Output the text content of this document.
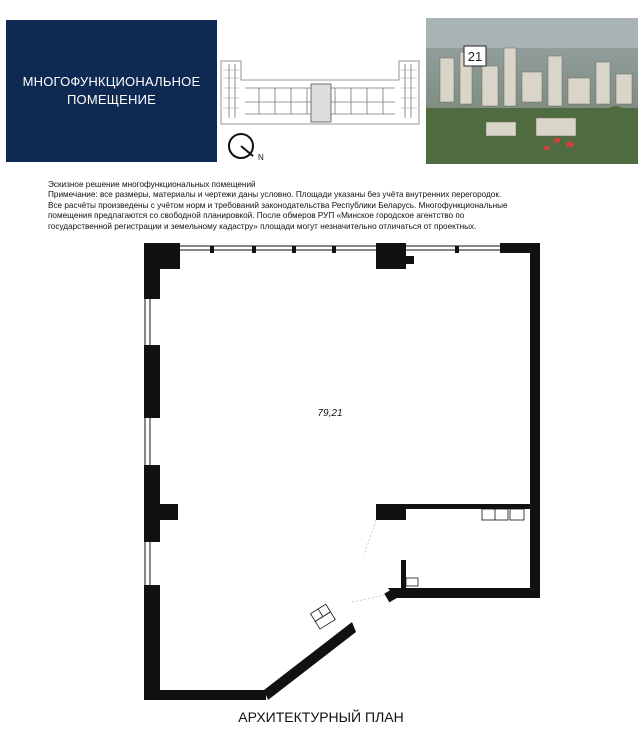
МНОГОФУНКЦИОНАЛЬНОЕ
ПОМЕЩЕНИЕ
N
21
Эскизное решение многофункциональных помещений
Примечание: все размеры, материалы и чертежи даны условно. Площади указаны без учёта внутренних перегородок.
Все расчёты произведены с учётом норм и требований законодательства Республики Беларусь. Многофункциональные
помещения предлагаются со свободной планировкой. После обмеров РУП «Минское городское агентство по
государственной регистрации и земельному кадастру» площади могут незначительно отличаться от проектных.
79,21
АРХИТЕКТУРНЫЙ ПЛАН
